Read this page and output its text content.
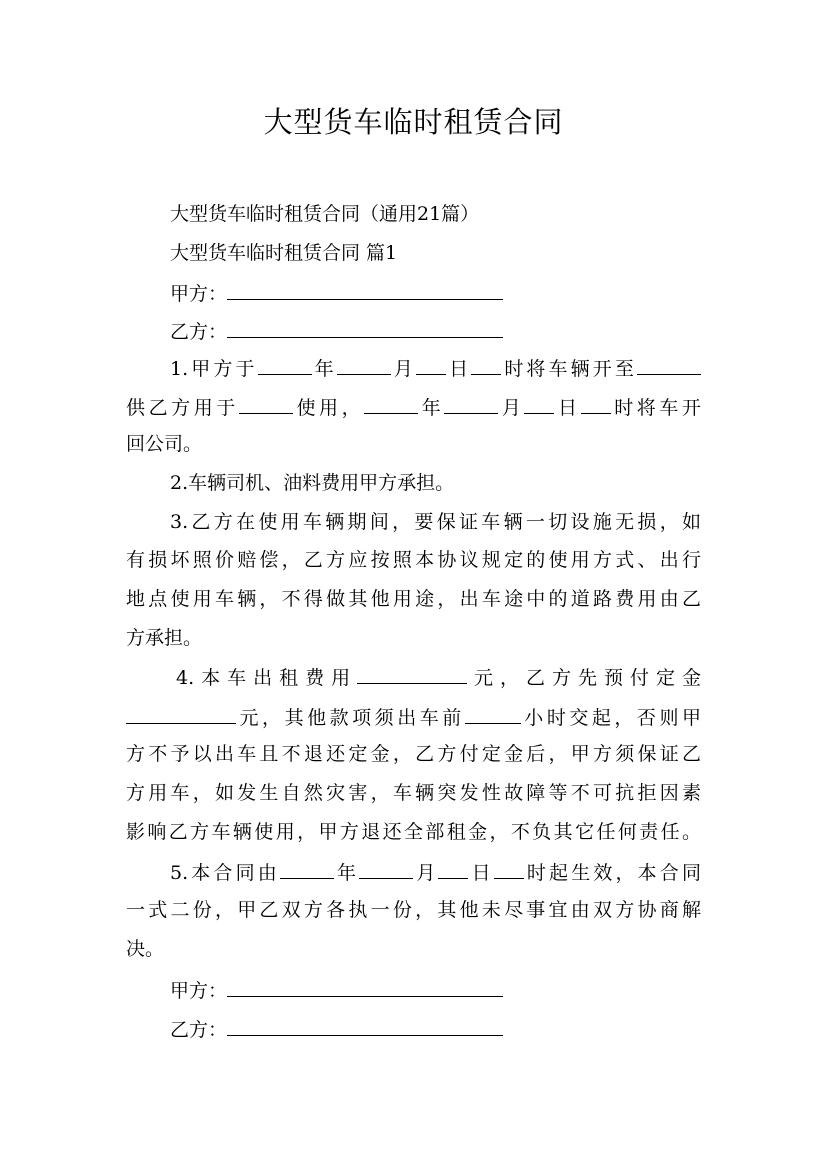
大型货车临时租赁合同

大型货车临时租赁合同（通用21篇）

大型货车临时租赁合同 篇1

甲方：

乙方：

1.甲方于	年	月 日 时将车辆开至

供乙方用于	使用，	年	月 日 时将车开

回公司。

2.车辆司机、油料费用甲方承担。

3.乙方在使用车辆期间，要保证车辆一切设施无损，如

有损坏照价赔偿，乙方应按照本协议规定的使用方式、出行

地点使用车辆，不得做其他用途，出车途中的道路费用由乙

方承担。

4.本车出租费用	元，乙方先预付定金

元，其他款项须出车前	小时交起，否则甲

方不予以出车且不退还定金，乙方付定金后，甲方须保证乙

方用车，如发生自然灾害，车辆突发性故障等不可抗拒因素

影响乙方车辆使用，甲方退还全部租金，不负其它任何责任。

5.本合同由	年	月 日 时起生效，本合同

一式二份，甲乙双方各执一份，其他未尽事宜由双方协商解

决。

甲方：

乙方：
